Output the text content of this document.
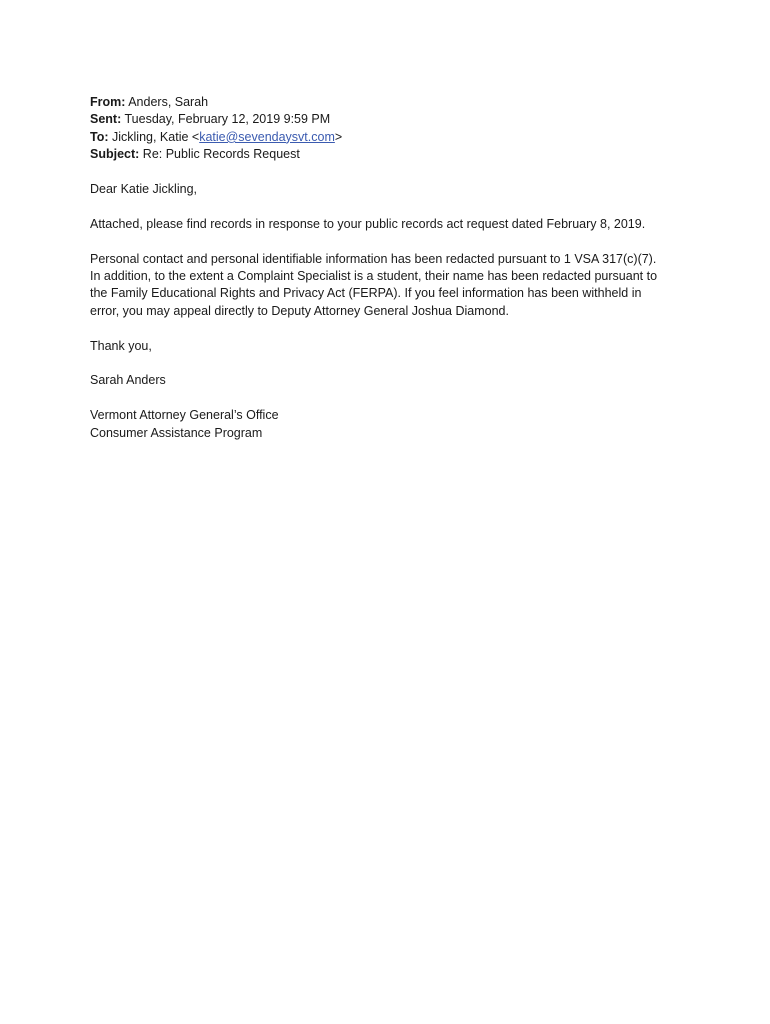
From: Anders, Sarah
Sent: Tuesday, February 12, 2019 9:59 PM
To: Jickling, Katie <katie@sevendaysvt.com>
Subject: Re: Public Records Request
Dear Katie Jickling,
Attached, please find records in response to your public records act request dated February 8, 2019.
Personal contact and personal identifiable information has been redacted pursuant to 1 VSA 317(c)(7).
In addition, to the extent a Complaint Specialist is a student, their name has been redacted pursuant to
the Family Educational Rights and Privacy Act (FERPA). If you feel information has been withheld in
error, you may appeal directly to Deputy Attorney General Joshua Diamond.
Thank you,
Sarah Anders
Vermont Attorney General’s Office
Consumer Assistance Program
